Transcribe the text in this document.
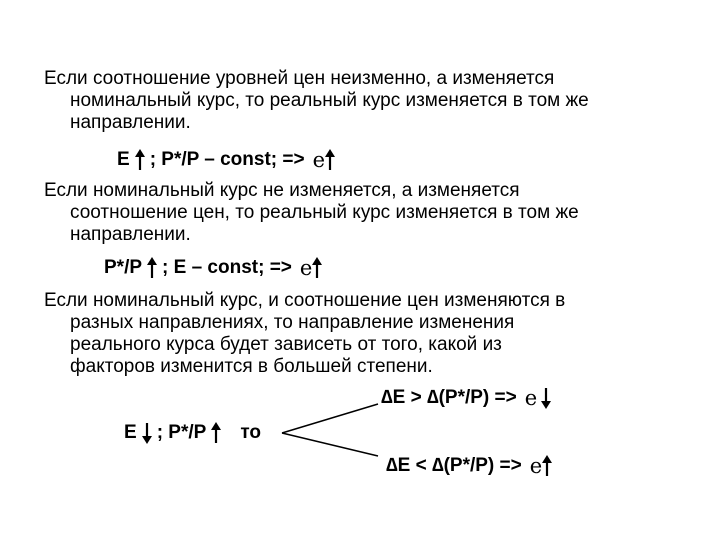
Если соотношение уровней цен неизменно, а изменяется
номинальный курс, то реальный курс изменяется в том же
направлении.
E ; P*/P – const; => e
Если номинальный курс не изменяется, а изменяется
соотношение цен, то реальный курс изменяется в том же
направлении.
P*/P ; E – const; => e
Если номинальный курс, и соотношение цен изменяются в
разных направлениях, то направление изменения
реального курса будет зависеть от того, какой из
факторов изменится в большей степени.
∆E > ∆(P*/P) => e
E ; P*/P то
∆E < ∆(P*/P) => e
